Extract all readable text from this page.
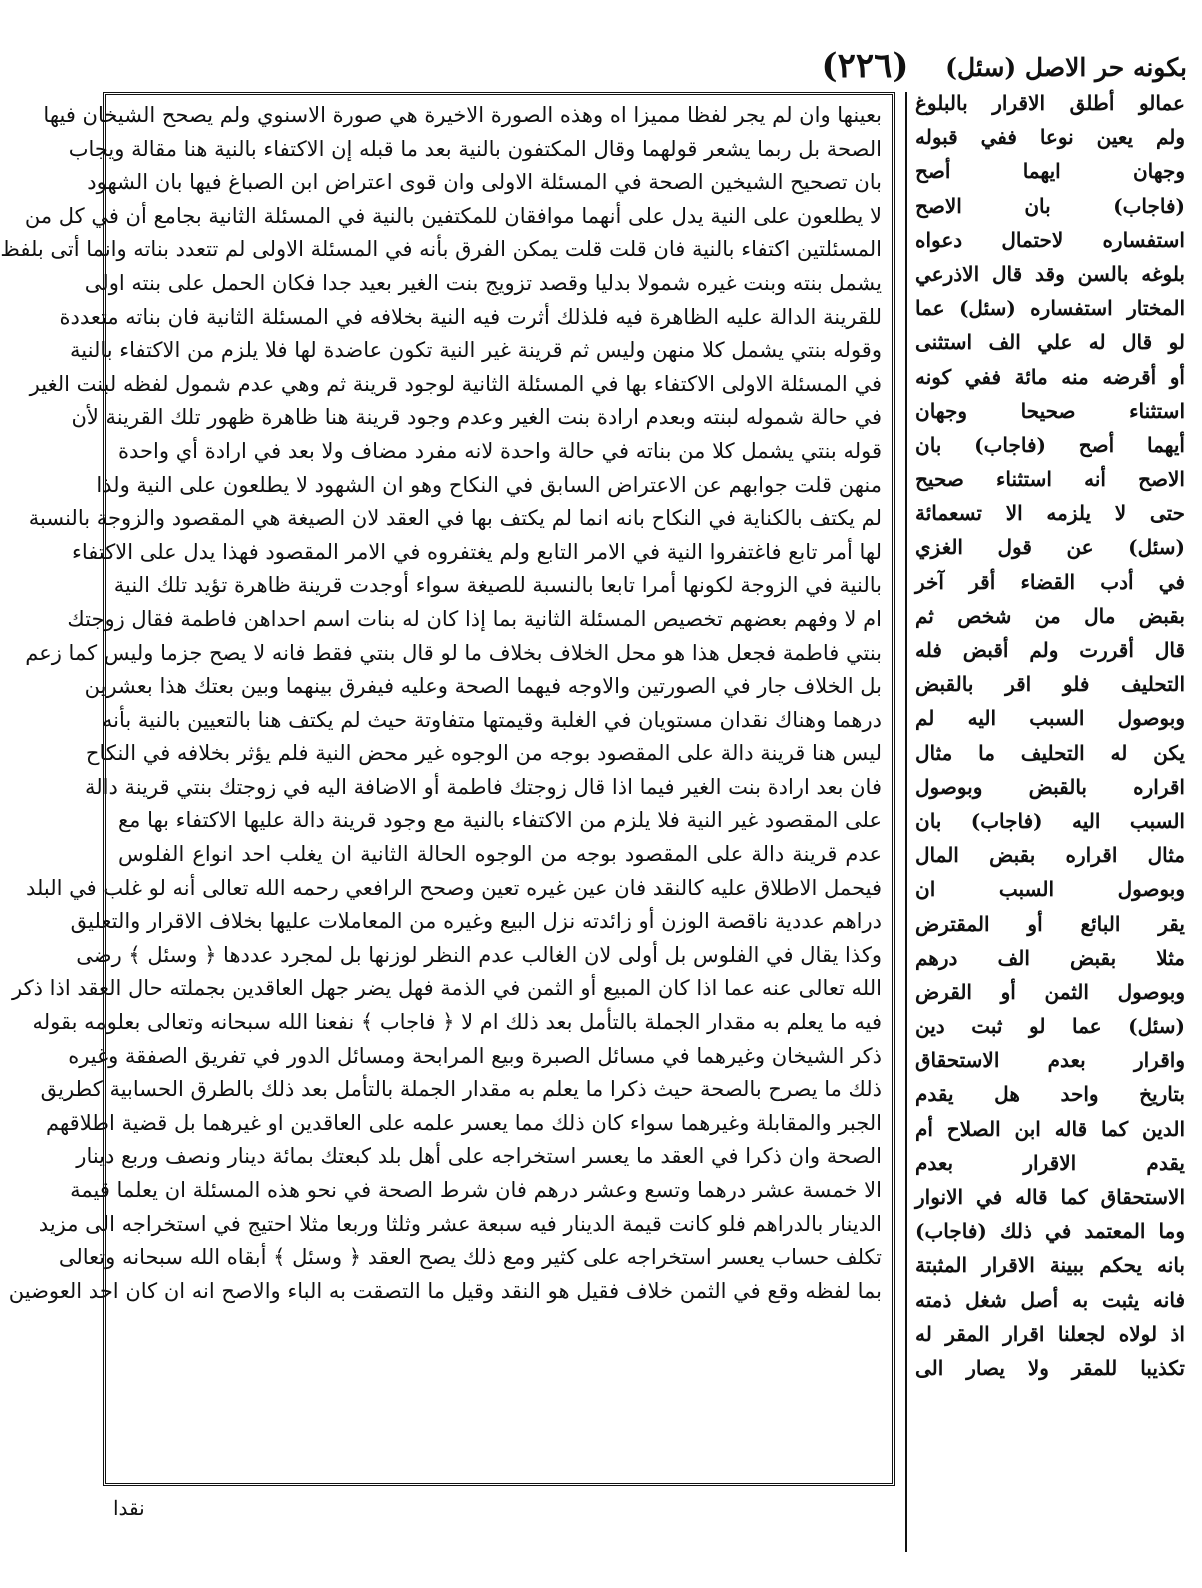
(٢٢٦)	بكونه حر الاصل (سئل)
بعينها وان لم يجر لفظا مميزا اه وهذه الصورة الاخيرة هي صورة الاسنوي ولم يصحح الشيخان فيها
الصحة بل ربما يشعر قولهما وقال المكتفون بالنية بعد ما قبله إن الاكتفاء بالنية هنا مقالة ويجاب
بان تصحيح الشيخين الصحة في المسئلة الاولى وان قوى اعتراض ابن الصباغ فيها بان الشهود
لا يطلعون على النية يدل على أنهما موافقان للمكتفين بالنية في المسئلة الثانية بجامع أن في كل من
المسئلتين اكتفاء بالنية فان قلت قلت يمكن الفرق بأنه في المسئلة الاولى لم تتعدد بناته وانما أتى بلفظ
يشمل بنته وبنت غيره شمولا بدليا وقصد تزويج بنت الغير بعيد جدا فكان الحمل على بنته اولى
للقرينة الدالة عليه الظاهرة فيه فلذلك أثرت فيه النية بخلافه في المسئلة الثانية فان بناته متعددة
وقوله بنتي يشمل كلا منهن وليس ثم قرينة غير النية تكون عاضدة لها فلا يلزم من الاكتفاء بالنية
في المسئلة الاولى الاكتفاء بها في المسئلة الثانية لوجود قرينة ثم وهي عدم شمول لفظه لبنت الغير
في حالة شموله لبنته وبعدم ارادة بنت الغير وعدم وجود قرينة هنا ظاهرة ظهور تلك القرينة لأن
قوله بنتي يشمل كلا من بناته في حالة واحدة لانه مفرد مضاف ولا بعد في ارادة أي واحدة
منهن قلت جوابهم عن الاعتراض السابق في النكاح وهو ان الشهود لا يطلعون على النية ولذا
لم يكتف بالكناية في النكاح بانه انما لم يكتف بها في العقد لان الصيغة هي المقصود والزوجة بالنسبة
لها أمر تابع فاغتفروا النية في الامر التابع ولم يغتفروه في الامر المقصود فهذا يدل على الاكتفاء
بالنية في الزوجة لكونها أمرا تابعا بالنسبة للصيغة سواء أوجدت قرينة ظاهرة تؤيد تلك النية
ام لا وفهم بعضهم تخصيص المسئلة الثانية بما إذا كان له بنات اسم احداهن فاطمة فقال زوجتك
بنتي فاطمة فجعل هذا هو محل الخلاف بخلاف ما لو قال بنتي فقط فانه لا يصح جزما وليس كما زعم
بل الخلاف جار في الصورتين والاوجه فيهما الصحة وعليه فيفرق بينهما وبين بعتك هذا بعشرين
درهما وهناك نقدان مستويان في الغلبة وقيمتها متفاوتة حيث لم يكتف هنا بالتعيين بالنية بأنه
ليس هنا قرينة دالة على المقصود بوجه من الوجوه غير محض النية فلم يؤثر بخلافه في النكاح
فان بعد ارادة بنت الغير فيما اذا قال زوجتك فاطمة أو الاضافة اليه في زوجتك بنتي قرينة دالة
على المقصود غير النية فلا يلزم من الاكتفاء بالنية مع وجود قرينة دالة عليها الاكتفاء بها مع
عدم قرينة دالة على المقصود بوجه من الوجوه الحالة الثانية ان يغلب احد انواع الفلوس
فيحمل الاطلاق عليه كالنقد فان عين غيره تعين وصحح الرافعي رحمه الله تعالى أنه لو غلب في البلد
دراهم عددية ناقصة الوزن أو زائدته نزل البيع وغيره من المعاملات عليها بخلاف الاقرار والتعليق
وكذا يقال في الفلوس بل أولى لان الغالب عدم النظر لوزنها بل لمجرد عددها ﴿ وسئل ﴾ رضى
الله تعالى عنه عما اذا كان المبيع أو الثمن في الذمة فهل يضر جهل العاقدين بجملته حال العقد اذا ذكر
فيه ما يعلم به مقدار الجملة بالتأمل بعد ذلك ام لا ﴿ فاجاب ﴾ نفعنا الله سبحانه وتعالى بعلومه بقوله
ذكر الشيخان وغيرهما في مسائل الصبرة وبيع المرابحة ومسائل الدور في تفريق الصفقة وغيره
ذلك ما يصرح بالصحة حيث ذكرا ما يعلم به مقدار الجملة بالتأمل بعد ذلك بالطرق الحسابية كطريق
الجبر والمقابلة وغيرهما سواء كان ذلك مما يعسر علمه على العاقدين او غيرهما بل قضية اطلاقهم
الصحة وان ذكرا في العقد ما يعسر استخراجه على أهل بلد كبعتك بمائة دينار ونصف وربع دينار
الا خمسة عشر درهما وتسع وعشر درهم فان شرط الصحة في نحو هذه المسئلة ان يعلما قيمة
الدينار بالدراهم فلو كانت قيمة الدينار فيه سبعة عشر وثلثا وربعا مثلا احتيج في استخراجه الى مزيد
تكلف حساب يعسر استخراجه على كثير ومع ذلك يصح العقد ﴿ وسئل ﴾ أبقاه الله سبحانه وتعالى
بما لفظه وقع في الثمن خلاف فقيل هو النقد وقيل ما التصقت به الباء والاصح انه ان كان احد العوضين
عمالو أطلق الاقرار بالبلوغ
ولم يعين نوعا ففي قبوله
وجهان ايهما أصح
(فاجاب) بان الاصح
استفساره لاحتمال دعواه
بلوغه بالسن وقد قال الاذرعي
المختار استفساره (سئل) عما
لو قال له علي الف استثنى
أو أقرضه منه مائة ففي كونه
استثناء صحيحا وجهان
أيهما أصح (فاجاب) بان
الاصح أنه استثناء صحيح
حتى لا يلزمه الا تسعمائة
(سئل) عن قول الغزي
في أدب القضاء أقر آخر
بقبض مال من شخص ثم
قال أقررت ولم أقبض فله
التحليف فلو اقر بالقبض
وبوصول السبب اليه لم
يكن له التحليف ما مثال
اقراره بالقبض وبوصول
السبب اليه (فاجاب) بان
مثال اقراره بقبض المال
وبوصول السبب ان
يقر البائع أو المقترض
مثلا بقبض الف درهم
وبوصول الثمن أو القرض
(سئل) عما لو ثبت دين
واقرار بعدم الاستحقاق
بتاريخ واحد هل يقدم
الدين كما قاله ابن الصلاح أم
يقدم الاقرار بعدم
الاستحقاق كما قاله في الانوار
وما المعتمد في ذلك (فاجاب)
بانه يحكم ببينة الاقرار المثبتة
فانه يثبت به أصل شغل ذمته
اذ لولاه لجعلنا اقرار المقر له
تكذيبا للمقر ولا يصار الى
نقدا
